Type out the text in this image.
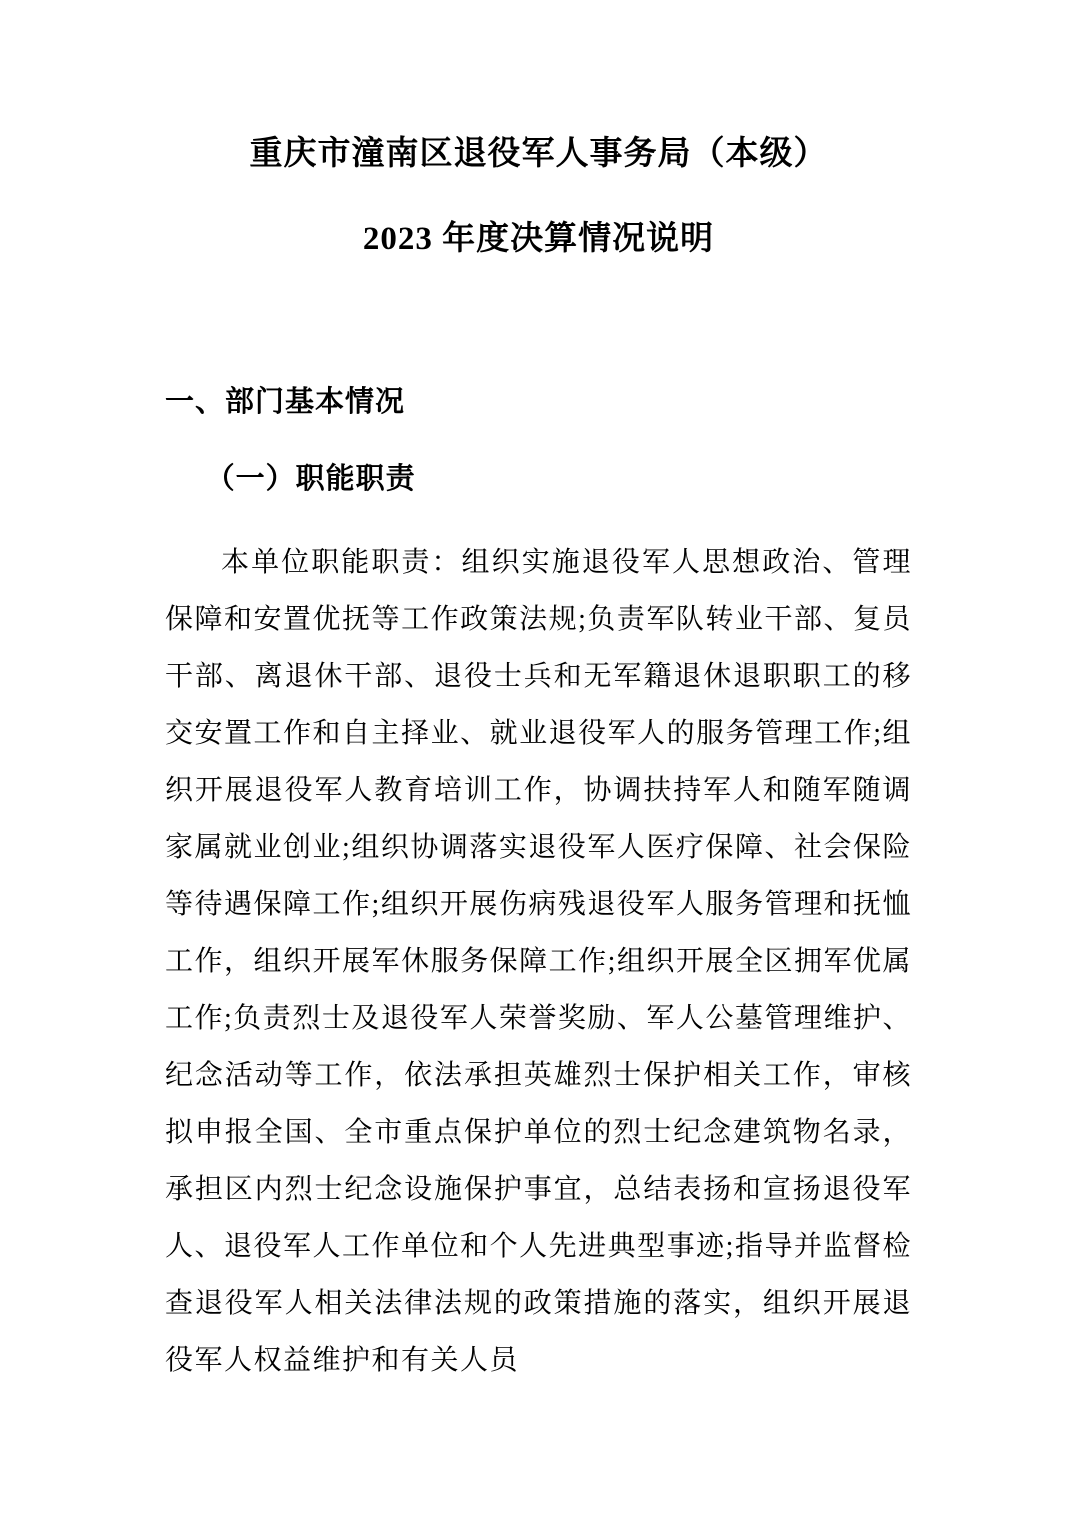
重庆市潼南区退役军人事务局（本级）
2023 年度决算情况说明
一、部门基本情况
（一）职能职责

本单位职能职责：组织实施退役军人思想政治、管理保障和安置优抚等工作政策法规;负责军队转业干部、复员干部、离退休干部、退役士兵和无军籍退休退职职工的移交安置工作和自主择业、就业退役军人的服务管理工作;组织开展退役军人教育培训工作，协调扶持军人和随军随调家属就业创业;组织协调落实退役军人医疗保障、社会保险等待遇保障工作;组织开展伤病残退役军人服务管理和抚恤工作，组织开展军休服务保障工作;组织开展全区拥军优属工作;负责烈士及退役军人荣誉奖励、军人公墓管理维护、纪念活动等工作，依法承担英雄烈士保护相关工作，审核拟申报全国、全市重点保护单位的烈士纪念建筑物名录，承担区内烈士纪念设施保护事宜，总结表扬和宣扬退役军人、退役军人工作单位和个人先进典型事迹;指导并监督检查退役军人相关法律法规的政策措施的落实，组织开展退役军人权益维护和有关人员
